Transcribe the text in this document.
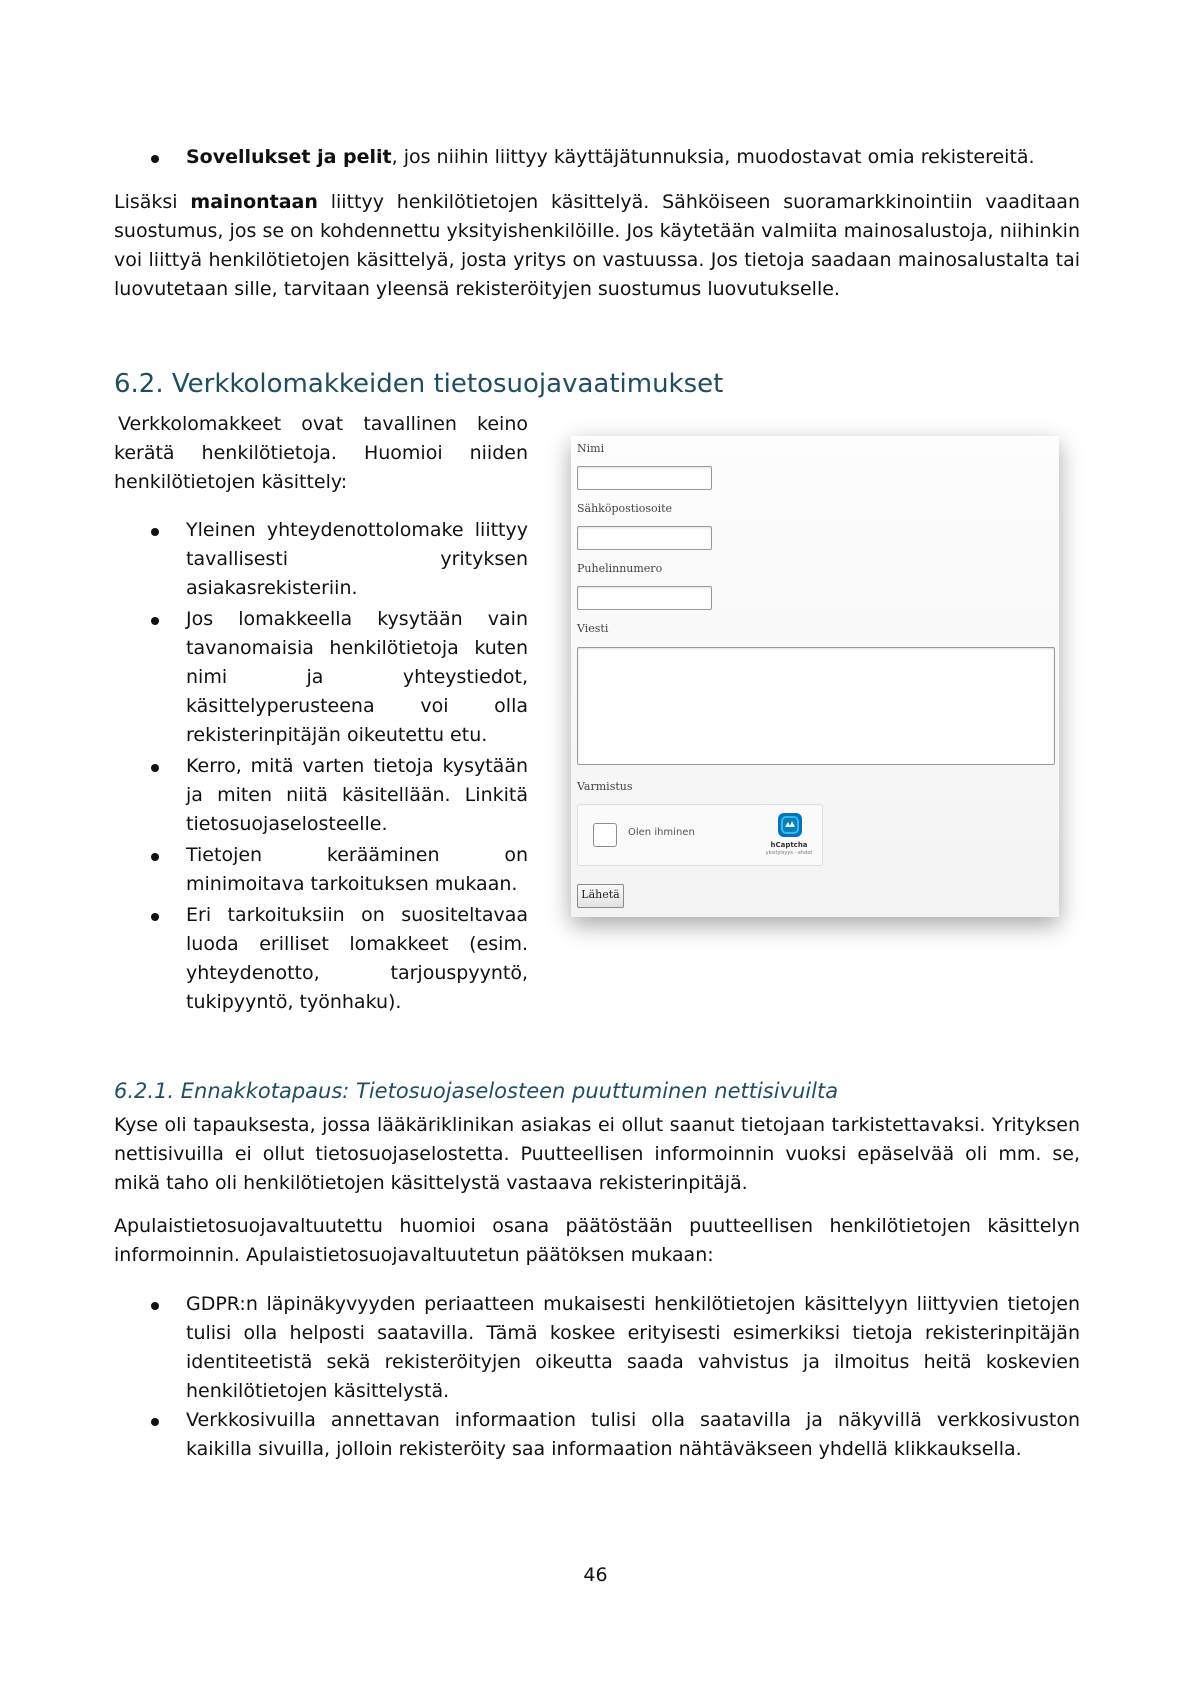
Sovellukset ja pelit, jos niihin liittyy käyttäjätunnuksia, muodostavat omia rekistereitä.

Lisäksi mainontaan liittyy henkilötietojen käsittelyä. Sähköiseen suoramarkkinointiin vaaditaan suostumus, jos se on kohdennettu yksityishenkilöille. Jos käytetään valmiita mainosalustoja, niihinkin voi liittyä henkilötietojen käsittelyä, josta yritys on vastuussa. Jos tietoja saadaan mainosalustalta tai luovutetaan sille, tarvitaan yleensä rekisteröityjen suostumus luovutukselle.

6.2. Verkkolomakkeiden tietosuojavaatimukset

Verkkolomakkeet ovat tavallinen keino kerätä henkilötietoja. Huomioi niiden henkilötietojen käsittely:

Yleinen yhteydenottolomake liittyy tavallisesti yrityksen asiakasrekisteriin.
Jos lomakkeella kysytään vain tavanomaisia henkilötietoja kuten nimi ja yhteystiedot, käsittelyperusteena voi olla rekisterinpitäjän oikeutettu etu.
Kerro, mitä varten tietoja kysytään ja miten niitä käsitellään. Linkitä tietosuojaselosteelle.
Tietojen kerääminen on minimoitava tarkoituksen mukaan.
Eri tarkoituksiin on suositeltavaa luoda erilliset lomakkeet (esim. yhteydenotto, tarjouspyyntö, tukipyyntö, työnhaku).
Nimi
Sähköpostiosoite
Puhelinnumero
Viesti
Varmistus
Olen ihminen
hCaptcha
yksityisyys - ehdot
Lähetä
6.2.1. Ennakkotapaus: Tietosuojaselosteen puuttuminen nettisivuilta

Kyse oli tapauksesta, jossa lääkäriklinikan asiakas ei ollut saanut tietojaan tarkistettavaksi. Yrityksen nettisivuilla ei ollut tietosuojaselostetta. Puutteellisen informoinnin vuoksi epäselvää oli mm. se, mikä taho oli henkilötietojen käsittelystä vastaava rekisterinpitäjä.

Apulaistietosuojavaltuutettu huomioi osana päätöstään puutteellisen henkilötietojen käsittelyn informoinnin. Apulaistietosuojavaltuutetun päätöksen mukaan:

GDPR:n läpinäkyvyyden periaatteen mukaisesti henkilötietojen käsittelyyn liittyvien tietojen tulisi olla helposti saatavilla. Tämä koskee erityisesti esimerkiksi tietoja rekisterinpitäjän identiteetistä sekä rekisteröityjen oikeutta saada vahvistus ja ilmoitus heitä koskevien henkilötietojen käsittelystä.
Verkkosivuilla annettavan informaation tulisi olla saatavilla ja näkyvillä verkkosivuston kaikilla sivuilla, jolloin rekisteröity saa informaation nähtäväkseen yhdellä klikkauksella.
46
